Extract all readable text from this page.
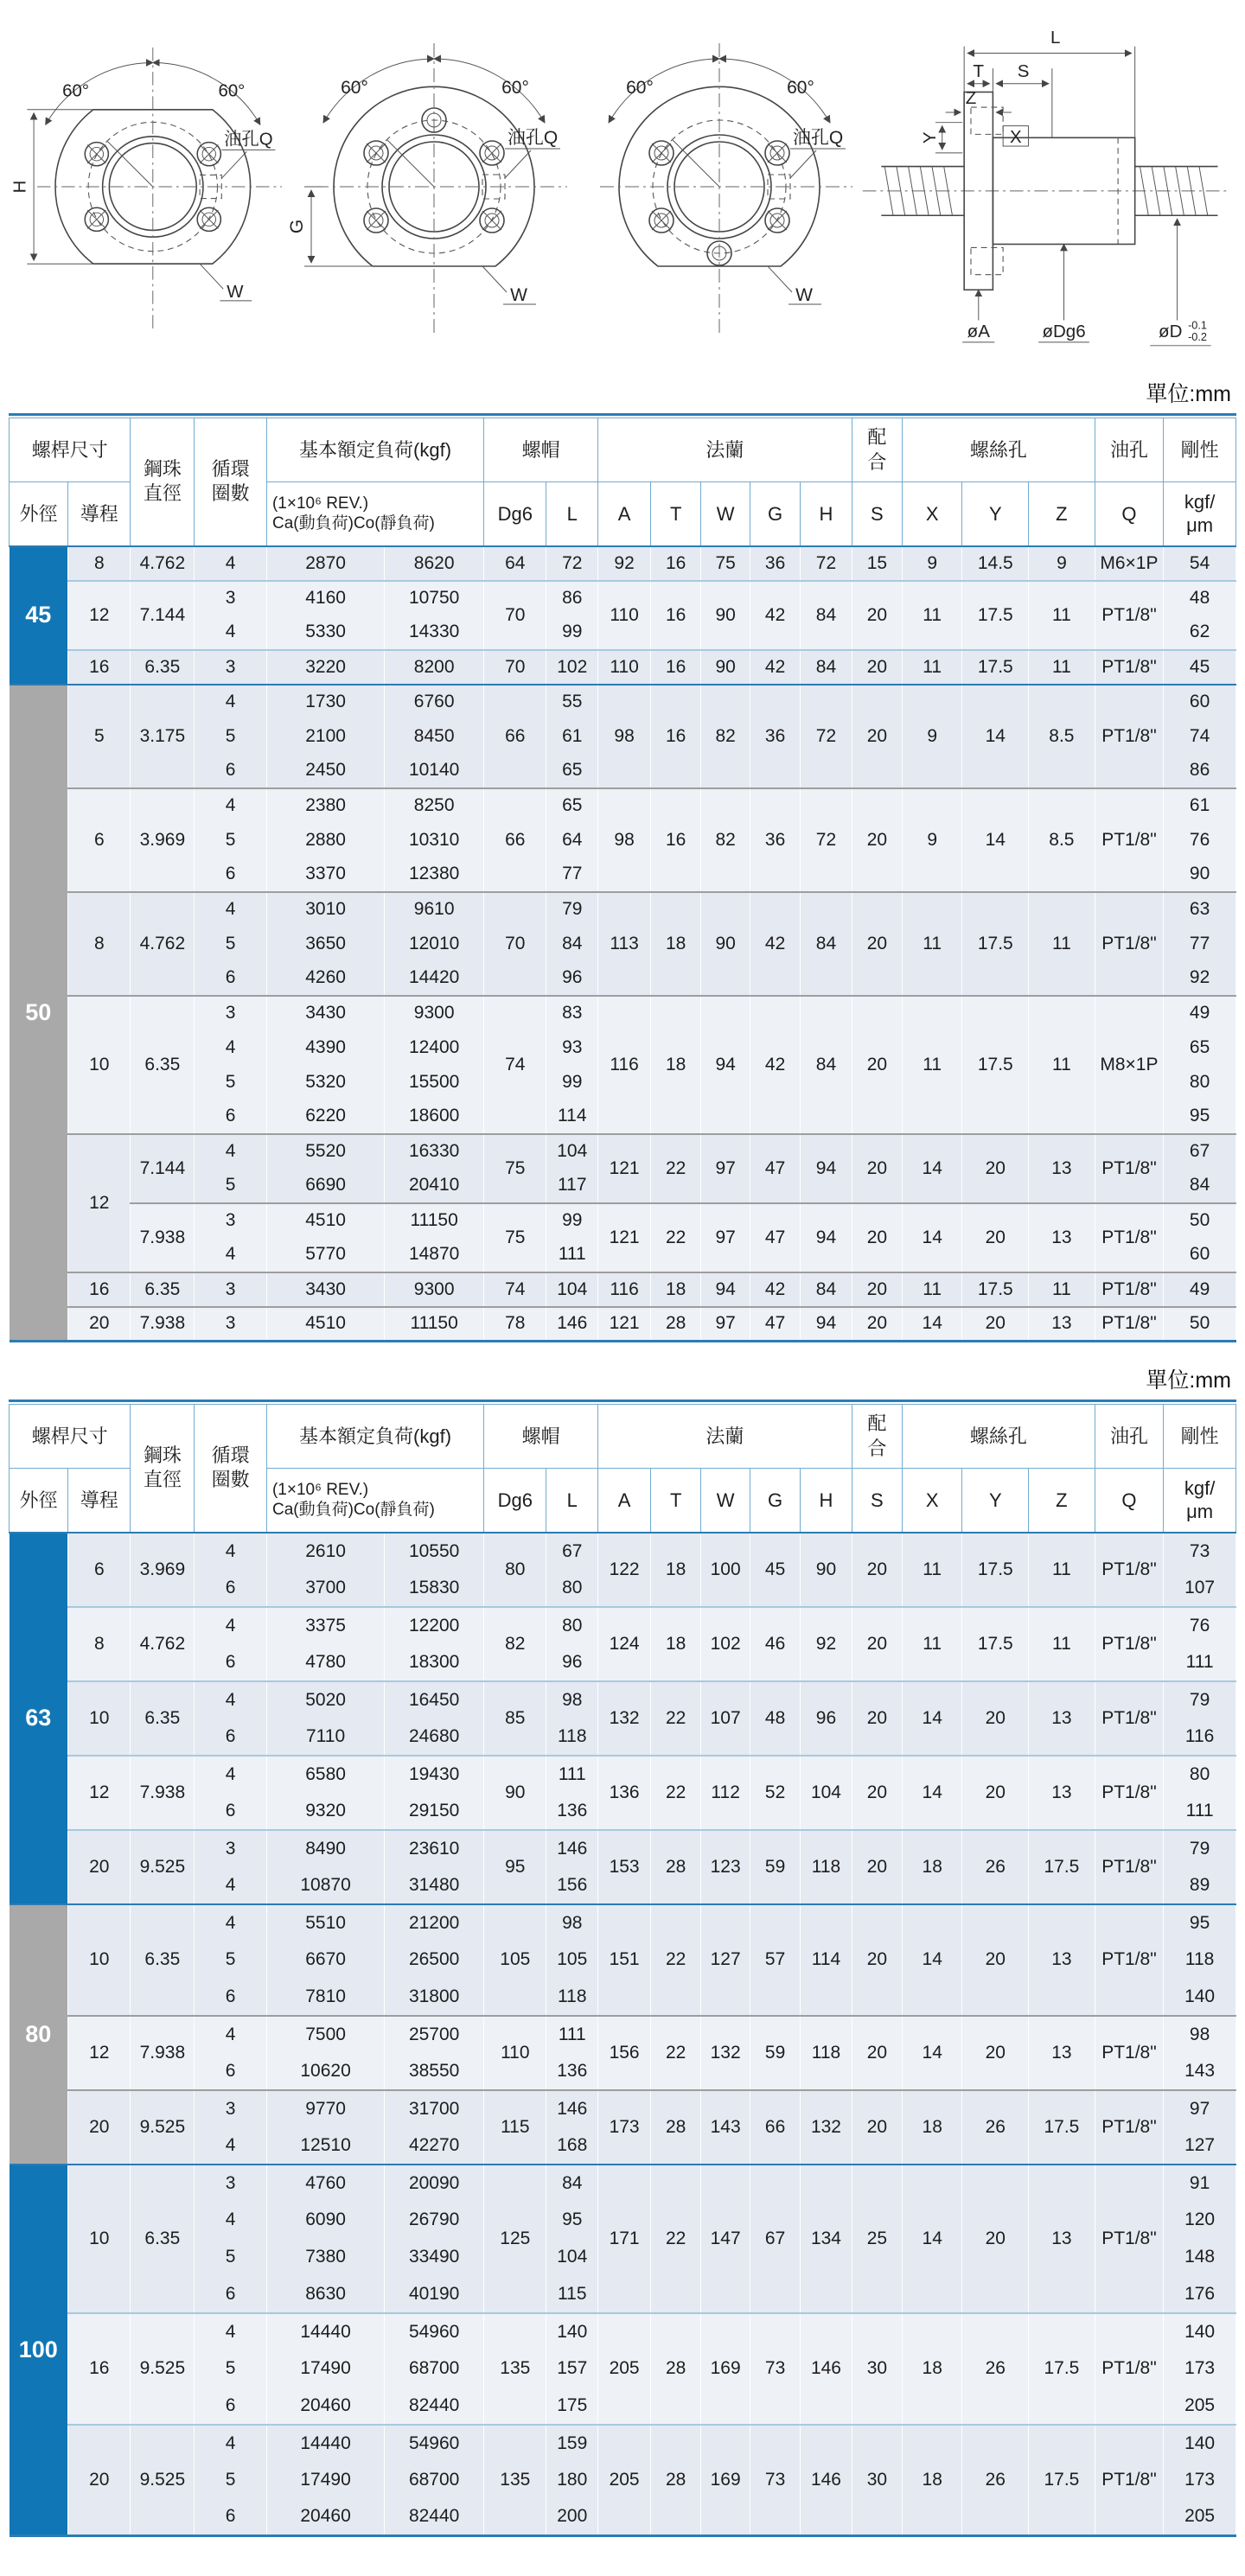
60°	60°
H
油孔Q
W
60°	60°
G
油孔Q
W
60°	60°
油孔Q
W
L
T S
Z
Y	X
øA	øDg6	øD -0.1
-0.2
單位:mm
螺桿尺寸		鋼珠直徑	循環圈數	基本額定負荷(kgf)		螺帽		法蘭					配合	螺絲孔			油孔	剛性
外徑	導程	(1×10⁶ REV.)
Ca(動負荷)Co(靜負荷)	Dg6	L	A	T	W	G	H	S	X	Y	Z	Q	
kgf/
μm

45	8	4.762	4	2870	8620	64	72	92	16	75	36	72	15	9	14.5	9	M6×1P	54
	12	7.144	3	4160	10750	70	86	110	16	90	42	84	20	11	17.5	11	PT1/8"	48
			4	5330	14330		99											62
	16	6.35	3	3220	8200	70	102	110	16	90	42	84	20	11	17.5	11	PT1/8"	45
50	5	3.175	4	1730	6760	66	55	98	16	82	36	72	20	9	14	8.5	PT1/8"	60
			5	2100	8450		61											74
			6	2450	10140		65											86
	6	3.969	4	2380	8250	66	65	98	16	82	36	72	20	9	14	8.5	PT1/8"	61
			5	2880	10310		64											76
			6	3370	12380		77											90
	8	4.762	4	3010	9610	70	79	113	18	90	42	84	20	11	17.5	11	PT1/8"	63
			5	3650	12010		84											77
			6	4260	14420		96											92
	10	6.35	3	3430	9300	74	83	116	18	94	42	84	20	11	17.5	11	M8×1P	49
			4	4390	12400		93											65
			5	5320	15500		99											80
			6	6220	18600		114											95
	12	7.144	4	5520	16330	75	104	121	22	97	47	94	20	14	20	13	PT1/8"	67
			5	6690	20410		117											84
		7.938	3	4510	11150	75	99	121	22	97	47	94	20	14	20	13	PT1/8"	50
			4	5770	14870		111											60
	16	6.35	3	3430	9300	74	104	116	18	94	42	84	20	11	17.5	11	PT1/8"	49
	20	7.938	3	4510	11150	78	146	121	28	97	47	94	20	14	20	13	PT1/8"	50
單位:mm
螺桿尺寸		鋼珠直徑	循環圈數	基本額定負荷(kgf)		螺帽		法蘭					配合	螺絲孔			油孔	剛性
外徑	導程	(1×10⁶ REV.)
Ca(動負荷)Co(靜負荷)	Dg6	L	A	T	W	G	H	S	X	Y	Z	Q	
kgf/
μm

63	6	3.969	4	2610	10550	80	67	122	18	100	45	90	20	11	17.5	11	PT1/8"	73
			6	3700	15830		80											107
	8	4.762	4	3375	12200	82	80	124	18	102	46	92	20	11	17.5	11	PT1/8"	76
			6	4780	18300		96											111
	10	6.35	4	5020	16450	85	98	132	22	107	48	96	20	14	20	13	PT1/8"	79
			6	7110	24680		118											116
	12	7.938	4	6580	19430	90	111	136	22	112	52	104	20	14	20	13	PT1/8"	80
			6	9320	29150		136											111
	20	9.525	3	8490	23610	95	146	153	28	123	59	118	20	18	26	17.5	PT1/8"	79
			4	10870	31480		156											89
80	10	6.35	4	5510	21200	105	98	151	22	127	57	114	20	14	20	13	PT1/8"	95
			5	6670	26500		105											118
			6	7810	31800		118											140
	12	7.938	4	7500	25700	110	111	156	22	132	59	118	20	14	20	13	PT1/8"	98
			6	10620	38550		136											143
	20	9.525	3	9770	31700	115	146	173	28	143	66	132	20	18	26	17.5	PT1/8"	97
			4	12510	42270		168											127
100	10	6.35	3	4760	20090	125	84	171	22	147	67	134	25	14	20	13	PT1/8"	91
			4	6090	26790		95											120
			5	7380	33490		104											148
			6	8630	40190		115											176
	16	9.525	4	14440	54960	135	140	205	28	169	73	146	30	18	26	17.5	PT1/8"	140
			5	17490	68700		157											173
			6	20460	82440		175											205
	20	9.525	4	14440	54960	135	159	205	28	169	73	146	30	18	26	17.5	PT1/8"	140
			5	17490	68700		180											173
			6	20460	82440		200											205
